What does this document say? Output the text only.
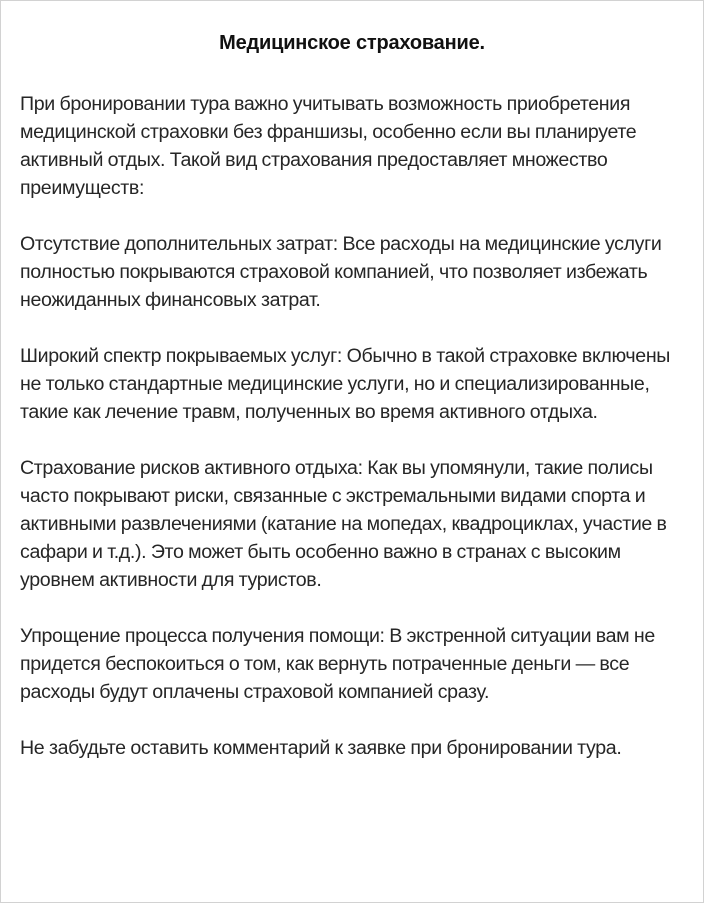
Медицинское страхование.

При бронировании тура важно учитывать возможность приобретения медицинской страховки без франшизы, особенно если вы планируете активный отдых. Такой вид страхования предоставляет множество преимуществ:

Отсутствие дополнительных затрат: Все расходы на медицинские услуги полностью покрываются страховой компанией, что позволяет избежать неожиданных финансовых затрат.

Широкий спектр покрываемых услуг: Обычно в такой страховке включены не только стандартные медицинские услуги, но и специализированные, такие как лечение травм, полученных во время активного отдыха.

Страхование рисков активного отдыха: Как вы упомянули, такие полисы часто покрывают риски, связанные с экстремальными видами спорта и активными развлечениями (катание на мопедах, квадроциклах, участие в сафари и т.д.). Это может быть особенно важно в странах с высоким уровнем активности для туристов.

Упрощение процесса получения помощи: В экстренной ситуации вам не придется беспокоиться о том, как вернуть потраченные деньги — все расходы будут оплачены страховой компанией сразу.

Не забудьте оставить комментарий к заявке при бронировании тура.
